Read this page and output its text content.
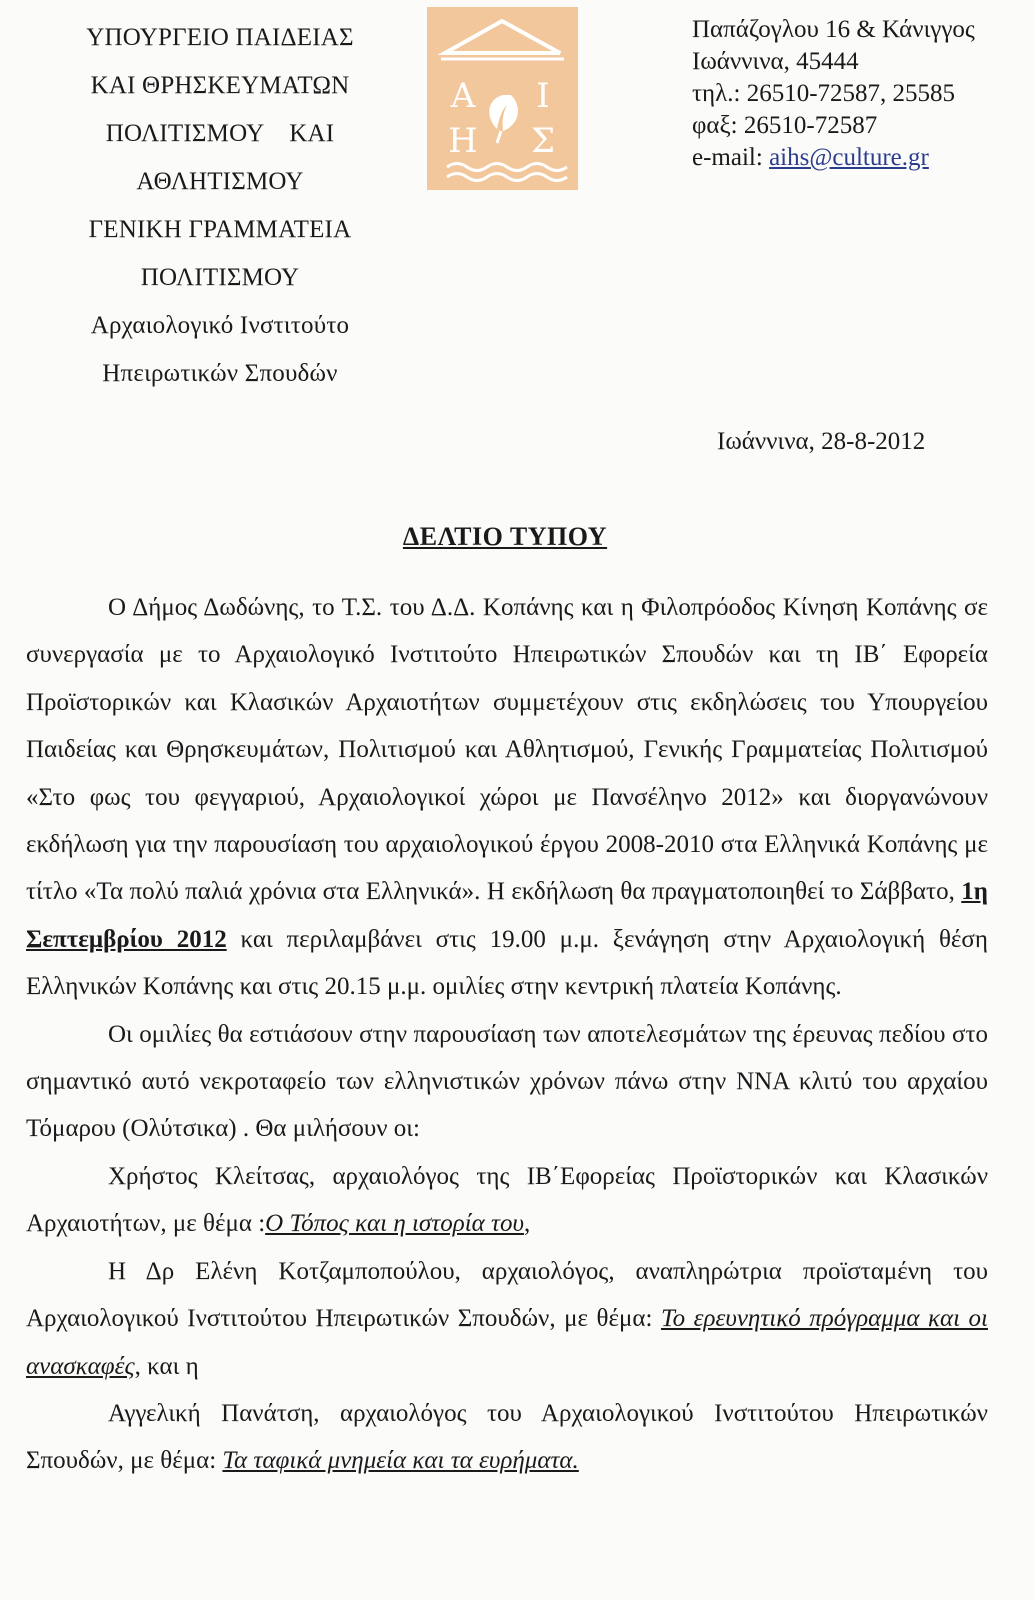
ΥΠΟΥΡΓΕΙΟ ΠΑΙΔΕΙΑΣ
ΚΑΙ ΘΡΗΣΚΕΥΜΑΤΩΝ
ΠΟΛΙΤΙΣΜΟΥ    ΚΑΙ
ΑΘΛΗΤΙΣΜΟΥ
ΓΕΝΙΚΗ ΓΡΑΜΜΑΤΕΙΑ
ΠΟΛΙΤΙΣΜΟΥ
Αρχαιολογικό Ινστιτούτο
Ηπειρωτικών Σπουδών
Α Ι
Η Σ
Παπάζογλου 16 & Κάνιγγος
Ιωάννινα, 45444
τηλ.: 26510-72587, 25585
φαξ: 26510-72587
e-mail: aihs@culture.gr
Ιωάννινα, 28-8-2012
ΔΕΛΤΙΟ ΤΥΠΟΥ

Ο Δήμος Δωδώνης, το Τ.Σ. του Δ.Δ. Κοπάνης και η Φιλοπρόοδος Κίνηση Κοπάνης σε συνεργασία με το Αρχαιολογικό Ινστιτούτο Ηπειρωτικών Σπουδών και τη ΙΒ΄ Εφορεία Προϊστορικών και Κλασικών Αρχαιοτήτων συμμετέχουν στις εκδηλώσεις του Υπουργείου Παιδείας και Θρησκευμάτων, Πολιτισμού και Αθλητισμού, Γενικής Γραμματείας Πολιτισμού «Στο φως του φεγγαριού, Αρχαιολογικοί χώροι με Πανσέληνο 2012» και διοργανώνουν εκδήλωση για την παρουσίαση του αρχαιολογικού έργου 2008-2010 στα Ελληνικά Κοπάνης με τίτλο «Τα πολύ παλιά χρόνια στα Ελληνικά». Η εκδήλωση θα πραγματοποιηθεί το Σάββατο, 1η Σεπτεμβρίου 2012 και περιλαμβάνει στις 19.00 μ.μ. ξενάγηση στην Αρχαιολογική θέση Ελληνικών Κοπάνης και στις 20.15 μ.μ. ομιλίες στην κεντρική πλατεία Κοπάνης.

Οι ομιλίες θα εστιάσουν στην παρουσίαση των αποτελεσμάτων της έρευνας πεδίου στο σημαντικό αυτό νεκροταφείο των ελληνιστικών χρόνων πάνω στην ΝΝΑ κλιτύ του αρχαίου Τόμαρου (Ολύτσικα) . Θα μιλήσουν οι:

Χρήστος Κλείτσας, αρχαιολόγος της ΙΒ΄Εφορείας Προϊστορικών και Κλασικών Αρχαιοτήτων, με θέμα :Ο Τόπος και η ιστορία του,

Η Δρ Ελένη Κοτζαμποπούλου, αρχαιολόγος, αναπληρώτρια προϊσταμένη του Αρχαιολογικού Ινστιτούτου Ηπειρωτικών Σπουδών, με θέμα: Το ερευνητικό πρόγραμμα και οι ανασκαφές, και η

Αγγελική Πανάτση, αρχαιολόγος του Αρχαιολογικού Ινστιτούτου Ηπειρωτικών Σπουδών, με θέμα: Τα ταφικά μνημεία και τα ευρήματα.
